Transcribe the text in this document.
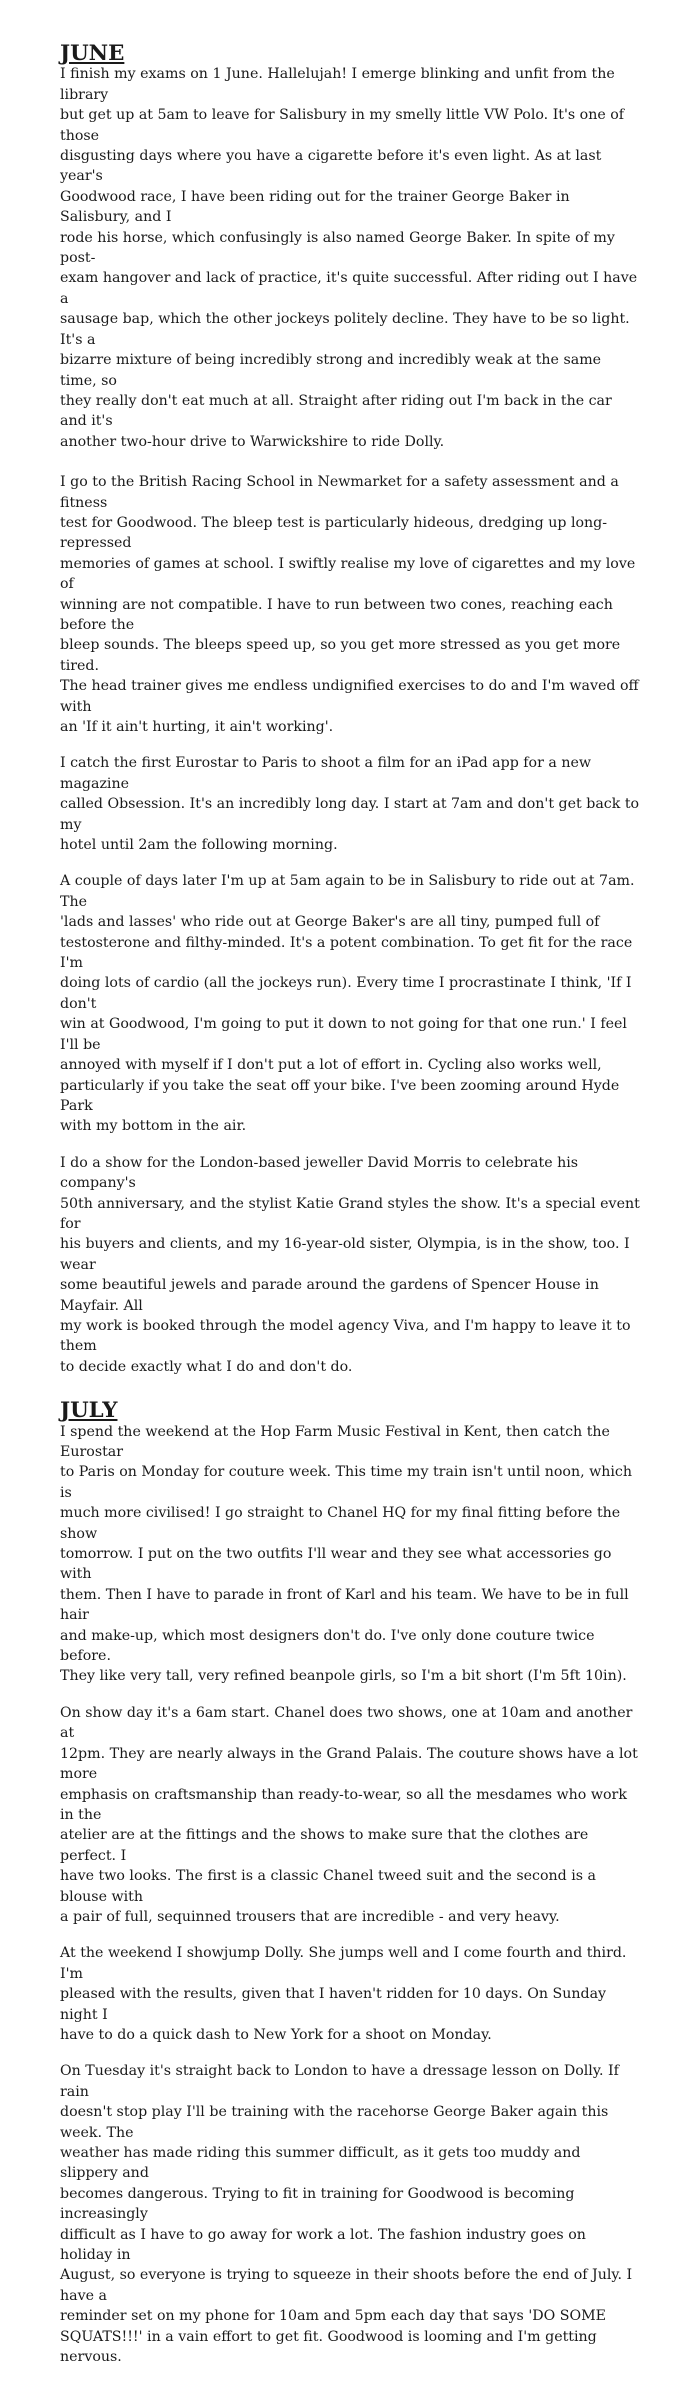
JUNE

I finish my exams on 1 June. Hallelujah! I emerge blinking and unfit from the library
but get up at 5am to leave for Salisbury in my smelly little VW Polo. It's one of those
disgusting days where you have a cigarette before it's even light. As at last year's
Goodwood race, I have been riding out for the trainer George Baker in Salisbury, and I
rode his horse, which confusingly is also named George Baker. In spite of my post-
exam hangover and lack of practice, it's quite successful. After riding out I have a
sausage bap, which the other jockeys politely decline. They have to be so light. It's a
bizarre mixture of being incredibly strong and incredibly weak at the same time, so
they really don't eat much at all. Straight after riding out I'm back in the car and it's
another two-hour drive to Warwickshire to ride Dolly.

I go to the British Racing School in Newmarket for a safety assessment and a fitness
test for Goodwood. The bleep test is particularly hideous, dredging up long-repressed
memories of games at school. I swiftly realise my love of cigarettes and my love of
winning are not compatible. I have to run between two cones, reaching each before the
bleep sounds. The bleeps speed up, so you get more stressed as you get more tired.
The head trainer gives me endless undignified exercises to do and I'm waved off with
an 'If it ain't hurting, it ain't working'.

I catch the first Eurostar to Paris to shoot a film for an iPad app for a new magazine
called Obsession. It's an incredibly long day. I start at 7am and don't get back to my
hotel until 2am the following morning.

A couple of days later I'm up at 5am again to be in Salisbury to ride out at 7am. The
'lads and lasses' who ride out at George Baker's are all tiny, pumped full of
testosterone and filthy-minded. It's a potent combination. To get fit for the race I'm
doing lots of cardio (all the jockeys run). Every time I procrastinate I think, 'If I don't
win at Goodwood, I'm going to put it down to not going for that one run.' I feel I'll be
annoyed with myself if I don't put a lot of effort in. Cycling also works well,
particularly if you take the seat off your bike. I've been zooming around Hyde Park
with my bottom in the air.

I do a show for the London-based jeweller David Morris to celebrate his company's
50th anniversary, and the stylist Katie Grand styles the show. It's a special event for
his buyers and clients, and my 16-year-old sister, Olympia, is in the show, too. I wear
some beautiful jewels and parade around the gardens of Spencer House in Mayfair. All
my work is booked through the model agency Viva, and I'm happy to leave it to them
to decide exactly what I do and don't do.

JULY

I spend the weekend at the Hop Farm Music Festival in Kent, then catch the Eurostar
to Paris on Monday for couture week. This time my train isn't until noon, which is
much more civilised! I go straight to Chanel HQ for my final fitting before the show
tomorrow. I put on the two outfits I'll wear and they see what accessories go with
them. Then I have to parade in front of Karl and his team. We have to be in full hair
and make-up, which most designers don't do. I've only done couture twice before.
They like very tall, very refined beanpole girls, so I'm a bit short (I'm 5ft 10in).

On show day it's a 6am start. Chanel does two shows, one at 10am and another at
12pm. They are nearly always in the Grand Palais. The couture shows have a lot more
emphasis on craftsmanship than ready-to-wear, so all the mesdames who work in the
atelier are at the fittings and the shows to make sure that the clothes are perfect. I
have two looks. The first is a classic Chanel tweed suit and the second is a blouse with
a pair of full, sequinned trousers that are incredible - and very heavy.

At the weekend I showjump Dolly. She jumps well and I come fourth and third. I'm
pleased with the results, given that I haven't ridden for 10 days. On Sunday night I
have to do a quick dash to New York for a shoot on Monday.

On Tuesday it's straight back to London to have a dressage lesson on Dolly. If rain
doesn't stop play I'll be training with the racehorse George Baker again this week. The
weather has made riding this summer difficult, as it gets too muddy and slippery and
becomes dangerous. Trying to fit in training for Goodwood is becoming increasingly
difficult as I have to go away for work a lot. The fashion industry goes on holiday in
August, so everyone is trying to squeeze in their shoots before the end of July. I have a
reminder set on my phone for 10am and 5pm each day that says 'DO SOME
SQUATS!!!' in a vain effort to get fit. Goodwood is looming and I'm getting nervous.
